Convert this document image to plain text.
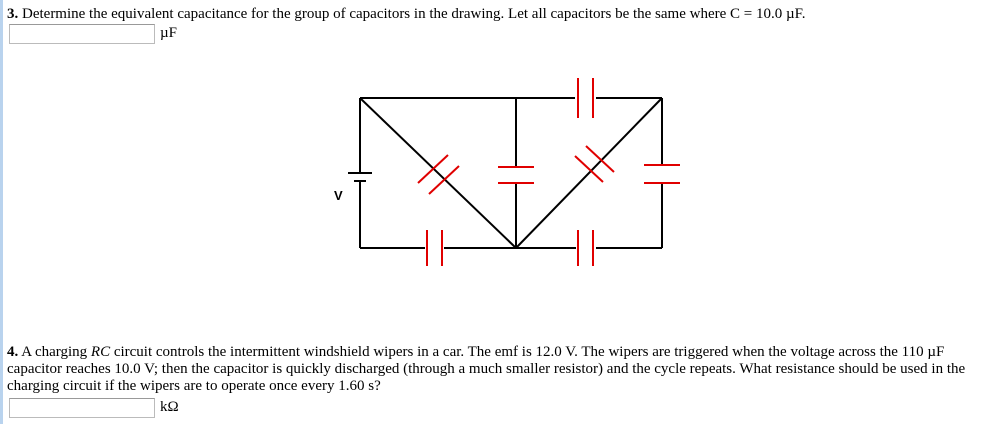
3. Determine the equivalent capacitance for the group of capacitors in the drawing. Let all capacitors be the same where C = 10.0 µF.
µF
V
4. A charging RC circuit controls the intermittent windshield wipers in a car. The emf is 12.0 V. The wipers are triggered when the voltage across the 110 µF capacitor reaches 10.0 V; then the capacitor is quickly discharged (through a much smaller resistor) and the cycle repeats. What resistance should be used in the charging circuit if the wipers are to operate once every 1.60 s?
kΩ
